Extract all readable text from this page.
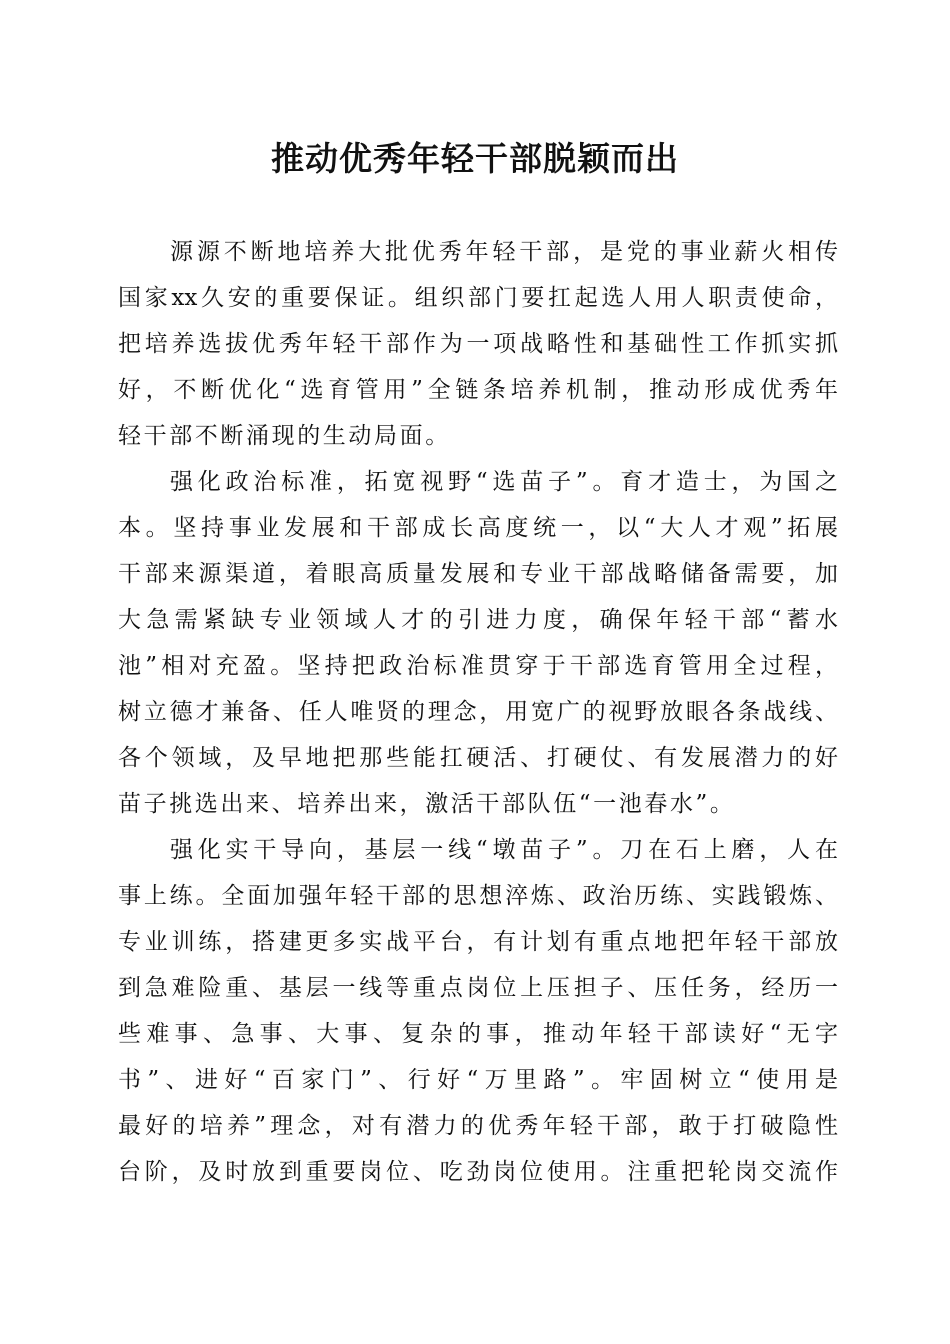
推动优秀年轻干部脱颖而出
源源不断地培养大批优秀年轻干部，是党的事业薪火相传
国家xx久安的重要保证。组织部门要扛起选人用人职责使命，
把培养选拔优秀年轻干部作为一项战略性和基础性工作抓实抓
好，不断优化“选育管用”全链条培养机制，推动形成优秀年
轻干部不断涌现的生动局面。
强化政治标准，拓宽视野“选苗子”。育才造士，为国之
本。坚持事业发展和干部成长高度统一，以“大人才观”拓展
干部来源渠道，着眼高质量发展和专业干部战略储备需要，加
大急需紧缺专业领域人才的引进力度，确保年轻干部“蓄水
池”相对充盈。坚持把政治标准贯穿于干部选育管用全过程，
树立德才兼备、任人唯贤的理念，用宽广的视野放眼各条战线、
各个领域，及早地把那些能扛硬活、打硬仗、有发展潜力的好
苗子挑选出来、培养出来，激活干部队伍“一池春水”。
强化实干导向，基层一线“墩苗子”。刀在石上磨，人在
事上练。全面加强年轻干部的思想淬炼、政治历练、实践锻炼、
专业训练，搭建更多实战平台，有计划有重点地把年轻干部放
到急难险重、基层一线等重点岗位上压担子、压任务，经历一
些难事、急事、大事、复杂的事，推动年轻干部读好“无字
书”、进好“百家门”、行好“万里路”。牢固树立“使用是
最好的培养”理念，对有潜力的优秀年轻干部，敢于打破隐性
台阶，及时放到重要岗位、吃劲岗位使用。注重把轮岗交流作
